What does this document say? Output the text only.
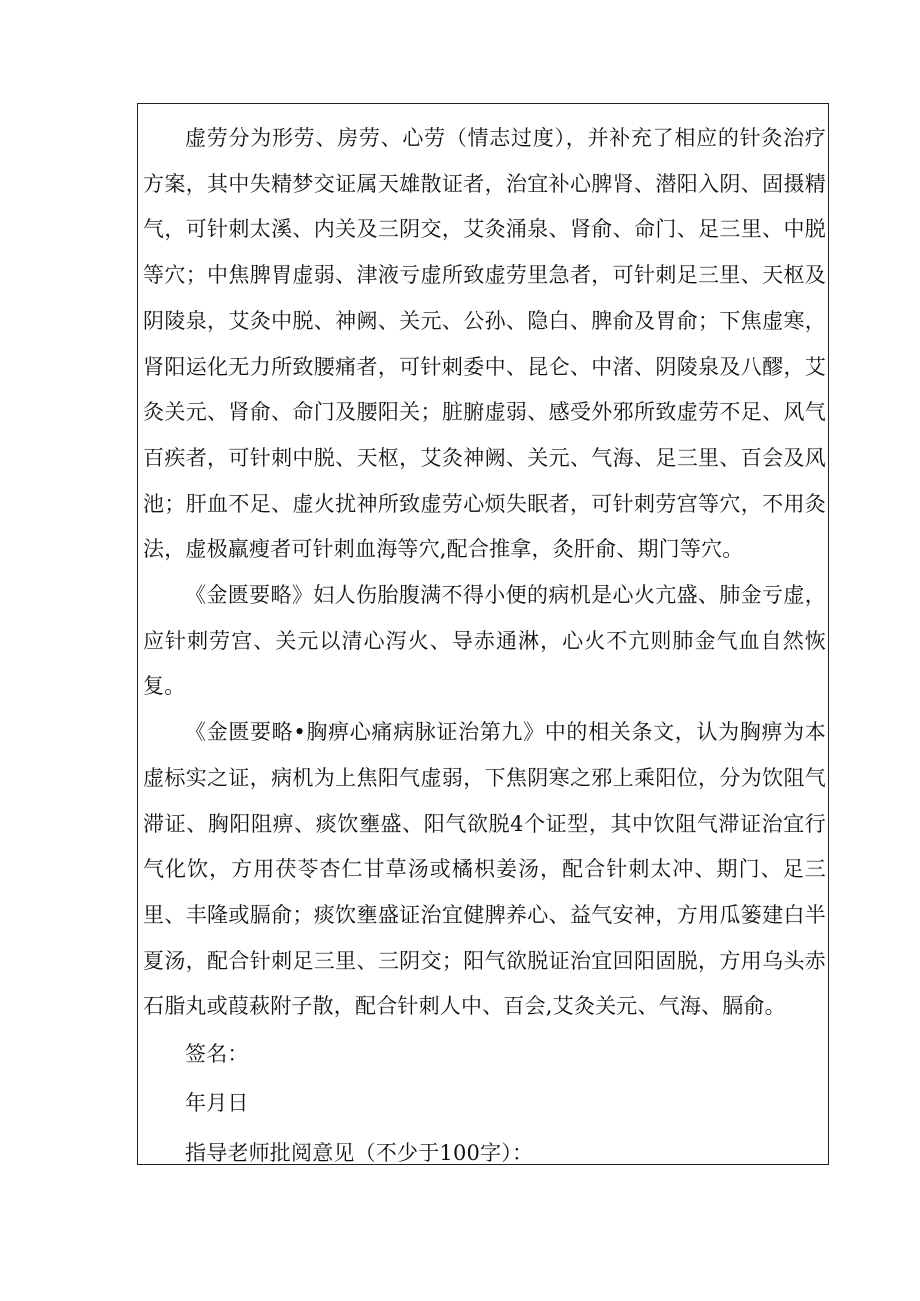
虚劳分为形劳、房劳、心劳（情志过度），并补充了相应的针灸治疗方案，其中失精梦交证属天雄散证者，治宜补心脾肾、潜阳入阴、固摄精气，可针刺太溪、内关及三阴交，艾灸涌泉、肾俞、命门、足三里、中脱等穴；中焦脾胃虚弱、津液亏虚所致虚劳里急者，可针刺足三里、天枢及阴陵泉，艾灸中脱、神阙、关元、公孙、隐白、脾俞及胃俞；下焦虚寒，肾阳运化无力所致腰痛者，可针刺委中、昆仑、中渚、阴陵泉及八醪，艾灸关元、肾俞、命门及腰阳关；脏腑虚弱、感受外邪所致虚劳不足、风气百疾者，可针刺中脱、天枢，艾灸神阙、关元、气海、足三里、百会及风池；肝血不足、虚火扰神所致虚劳心烦失眠者，可针刺劳宫等穴，不用灸法，虚极羸瘦者可针刺血海等穴,配合推拿，灸肝俞、期门等穴。

《金匮要略》妇人伤胎腹满不得小便的病机是心火亢盛、肺金亏虚，应针刺劳宫、关元以清心泻火、导赤通淋，心火不亢则肺金气血自然恢复。

《金匮要略•胸痹心痛病脉证治第九》中的相关条文，认为胸痹为本虚标实之证，病机为上焦阳气虚弱，下焦阴寒之邪上乘阳位，分为饮阻气滞证、胸阳阻痹、痰饮壅盛、阳气欲脱4个证型，其中饮阻气滞证治宜行气化饮，方用茯苓杏仁甘草汤或橘枳姜汤，配合针刺太冲、期门、足三里、丰隆或膈俞；痰饮壅盛证治宜健脾养心、益气安神，方用瓜篓建白半夏汤，配合针刺足三里、三阴交；阳气欲脱证治宜回阳固脱，方用乌头赤石脂丸或葭萩附子散，配合针刺人中、百会,艾灸关元、气海、膈俞。

签名：

年月日

指导老师批阅意见（不少于100字）：
